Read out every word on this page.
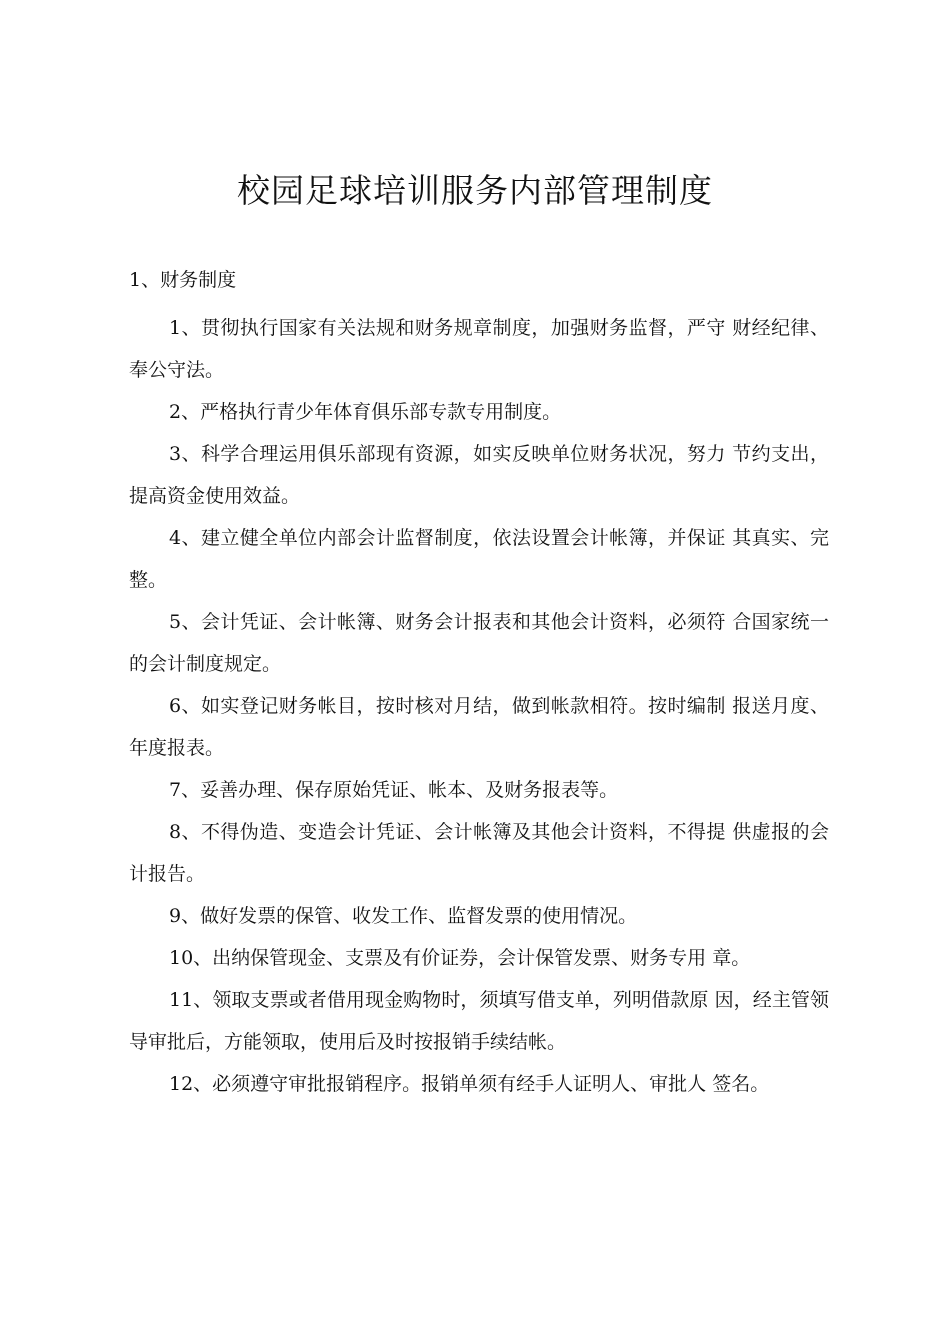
校园足球培训服务内部管理制度
1、财务制度

1、贯彻执行国家有关法规和财务规章制度，加强财务监督，严守 财经纪律、奉公守法。

2、严格执行青少年体育俱乐部专款专用制度。

3、科学合理运用俱乐部现有资源，如实反映单位财务状况，努力 节约支出，提高资金使用效益。

4、建立健全单位内部会计监督制度，依法设置会计帐簿，并保证 其真实、完整。

5、会计凭证、会计帐簿、财务会计报表和其他会计资料，必须符 合国家统一的会计制度规定。

6、如实登记财务帐目，按时核对月结，做到帐款相符。按时编制 报送月度、年度报表。

7、妥善办理、保存原始凭证、帐本、及财务报表等。

8、不得伪造、变造会计凭证、会计帐簿及其他会计资料，不得提 供虚报的会计报告。

9、做好发票的保管、收发工作、监督发票的使用情况。

10、出纳保管现金、支票及有价证券，会计保管发票、财务专用 章。

11、领取支票或者借用现金购物时，须填写借支单，列明借款原 因，经主管领导审批后，方能领取，使用后及时按报销手续结帐。

12、必须遵守审批报销程序。报销单须有经手人证明人、审批人 签名。
